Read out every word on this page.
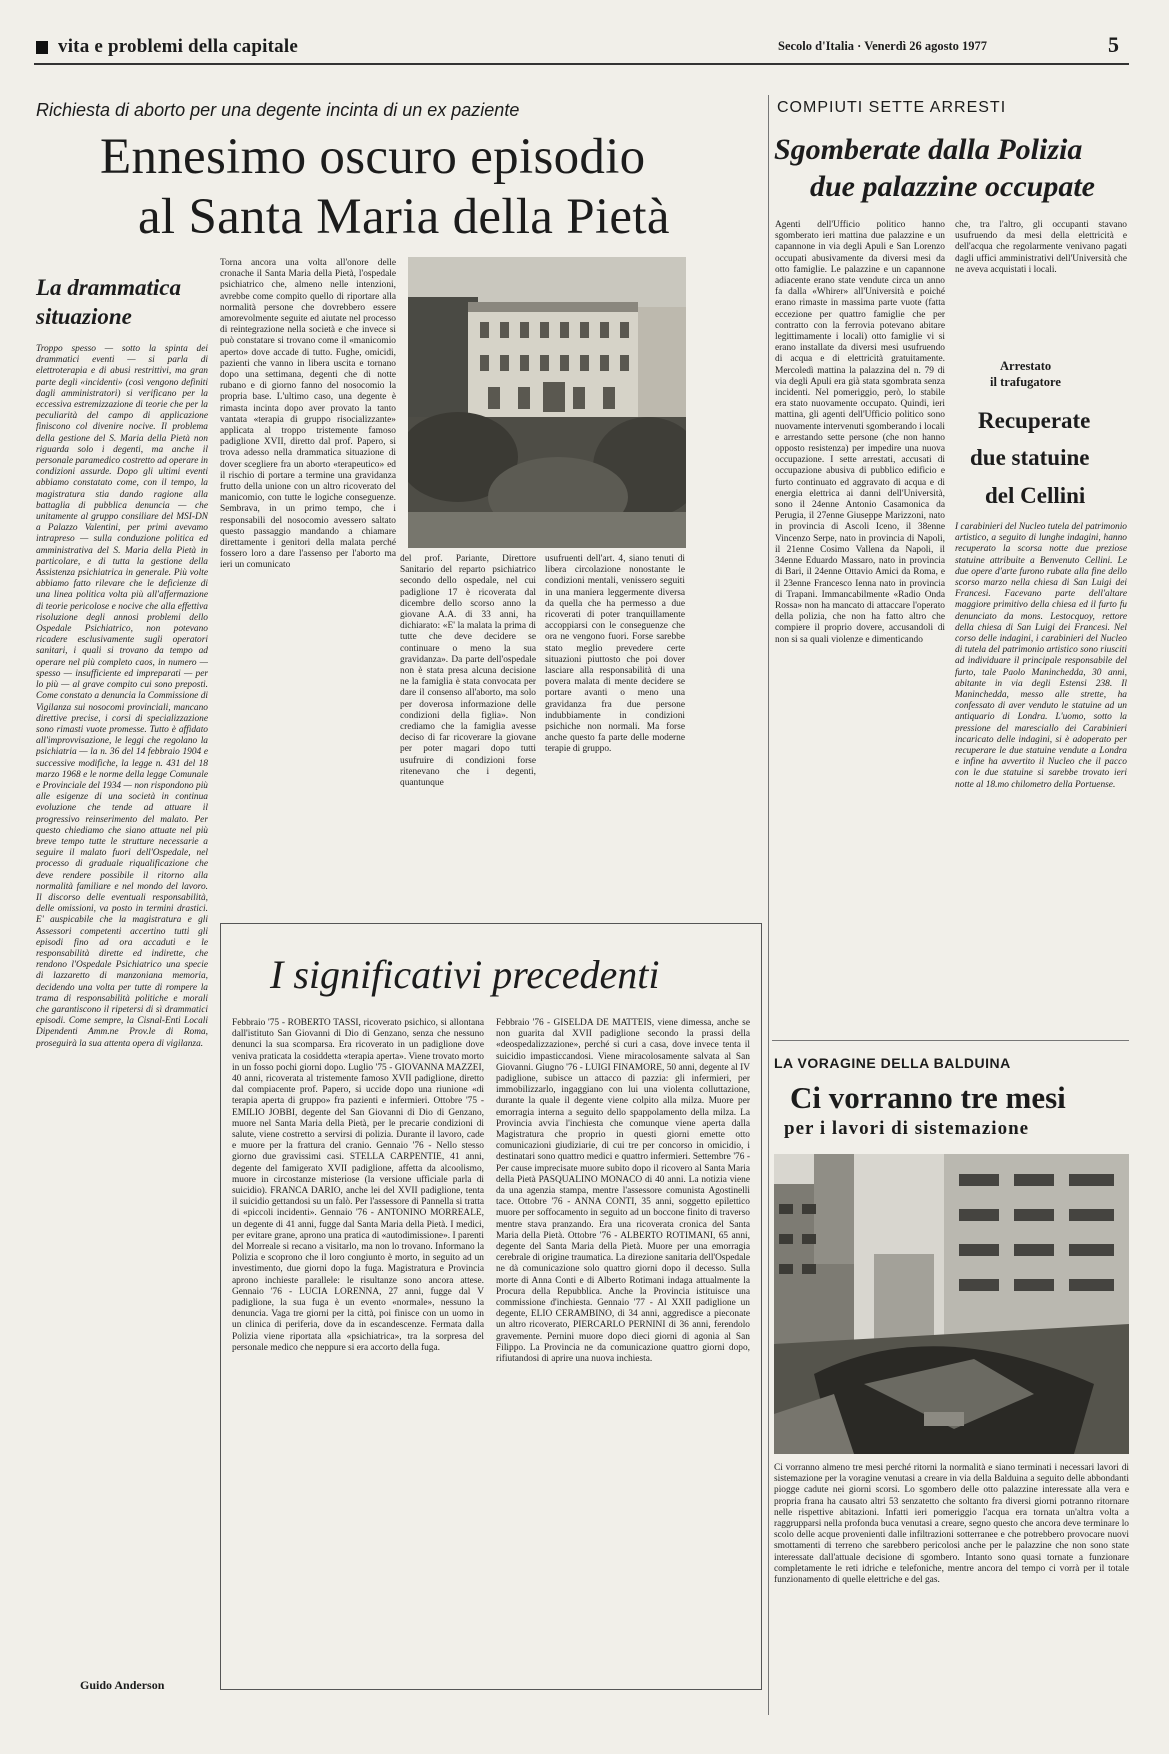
vita e problemi della capitale	Secolo d'Italia · Venerdì 26 agosto 1977	5
Richiesta di aborto per una degente incinta di un ex paziente
Ennesimo oscuro episodio
al Santa Maria della Pietà
La drammatica situazione
Troppo spesso — sotto la spinta dei drammatici eventi — si parla di elettroterapia e di abusi restrittivi, ma gran parte degli «incidenti» (così vengono definiti dagli amministratori) si verificano per la eccessiva estremizzazione di teorie che per la peculiarità del campo di applicazione finiscono col divenire nocive. Il problema della gestione del S. Maria della Pietà non riguarda solo i degenti, ma anche il personale paramedico costretto ad operare in condizioni assurde. Dopo gli ultimi eventi abbiamo constatato come, con il tempo, la magistratura stia dando ragione alla battaglia di pubblica denuncia — che unitamente al gruppo consiliare del MSI-DN a Palazzo Valentini, per primi avevamo intrapreso — sulla conduzione politica ed amministrativa del S. Maria della Pietà in particolare, e di tutta la gestione della Assistenza psichiatrica in generale. Più volte abbiamo fatto rilevare che le deficienze di una linea politica volta più all'affermazione di teorie pericolose e nocive che alla effettiva risoluzione degli annosi problemi dello Ospedale Psichiatrico, non potevano ricadere esclusivamente sugli operatori sanitari, i quali si trovano da tempo ad operare nel più completo caos, in numero — spesso — insufficiente ed impreparati — per lo più — al grave compito cui sono preposti. Come constato a denuncia la Commissione di Vigilanza sui nosocomi provinciali, mancano direttive precise, i corsi di specializzazione sono rimasti vuote promesse. Tutto è affidato all'improvvisazione, le leggi che regolano la psichiatria — la n. 36 del 14 febbraio 1904 e successive modifiche, la legge n. 431 del 18 marzo 1968 e le norme della legge Comunale e Provinciale del 1934 — non rispondono più alle esigenze di una società in continua evoluzione che tende ad attuare il progressivo reinserimento del malato. Per questo chiediamo che siano attuate nel più breve tempo tutte le strutture necessarie a seguire il malato fuori dell'Ospedale, nel processo di graduale riqualificazione che deve rendere possibile il ritorno alla normalità familiare e nel mondo del lavoro. Il discorso delle eventuali responsabilità, delle omissioni, va posto in termini drastici. E' auspicabile che la magistratura e gli Assessori competenti accertino tutti gli episodi fino ad ora accaduti e le responsabilità dirette ed indirette, che rendono l'Ospedale Psichiatrico una specie di lazzaretto di manzoniana memoria, decidendo una volta per tutte di rompere la trama di responsabilità politiche e morali che garantiscono il ripetersi di sì drammatici episodi. Come sempre, la Cisnal-Enti Locali Dipendenti Amm.ne Prov.le di Roma, proseguirà la sua attenta opera di vigilanza.
Guido Anderson
Torna ancora una volta all'onore delle cronache il Santa Maria della Pietà, l'ospedale psichiatrico che, almeno nelle intenzioni, avrebbe come compito quello di riportare alla normalità persone che dovrebbero essere amorevolmente seguite ed aiutate nel processo di reintegrazione nella società e che invece si può constatare si trovano come il «manicomio aperto» dove accade di tutto. Fughe, omicidi, pazienti che vanno in libera uscita e tornano dopo una settimana, degenti che di notte rubano e di giorno fanno del nosocomio la propria base. L'ultimo caso, una degente è rimasta incinta dopo aver provato la tanto vantata «terapia di gruppo risocializzante» applicata al troppo tristemente famoso padiglione XVII, diretto dal prof. Papero, si trova adesso nella drammatica situazione di dover scegliere fra un aborto «terapeutico» ed il rischio di portare a termine una gravidanza frutto della unione con un altro ricoverato del manicomio, con tutte le logiche conseguenze. Sembrava, in un primo tempo, che i responsabili del nosocomio avessero saltato questo passaggio mandando a chiamare direttamente i genitori della malata perché fossero loro a dare l'assenso per l'aborto ma ieri un comunicato
del prof. Pariante, Direttore Sanitario del reparto psichiatrico secondo dello ospedale, nel cui padiglione 17 è ricoverata dal dicembre dello scorso anno la giovane A.A. di 33 anni, ha dichiarato: «E' la malata la prima di tutte che deve decidere se continuare o meno la sua gravidanza». Da parte dell'ospedale non è stata presa alcuna decisione ne la famiglia è stata convocata per dare il consenso all'aborto, ma solo per doverosa informazione delle condizioni della figlia». Non crediamo che la famiglia avesse deciso di far ricoverare la giovane per poter magari dopo tutti usufruire di condizioni forse ritenevano che i degenti, quantunque
usufruenti dell'art. 4, siano tenuti di libera circolazione nonostante le condizioni mentali, venissero seguiti in una maniera leggermente diversa da quella che ha permesso a due ricoverati di poter tranquillamente accoppiarsi con le conseguenze che ora ne vengono fuori. Forse sarebbe stato meglio prevedere certe situazioni piuttosto che poi dover lasciare alla responsabilità di una povera malata di mente decidere se portare avanti o meno una gravidanza fra due persone indubbiamente in condizioni psichiche non normali. Ma forse anche questo fa parte delle moderne terapie di gruppo.
I significativi precedenti
Febbraio '75 - ROBERTO TASSI, ricoverato psichico, si allontana dall'istituto San Giovanni di Dio di Genzano, senza che nessuno denunci la sua scomparsa. Era ricoverato in un padiglione dove veniva praticata la cosiddetta «terapia aperta». Viene trovato morto in un fosso pochi giorni dopo. Luglio '75 - GIOVANNA MAZZEI, 40 anni, ricoverata al tristemente famoso XVII padiglione, diretto dal compiacente prof. Papero, si uccide dopo una riunione «di terapia aperta di gruppo» fra pazienti e infermieri. Ottobre '75 - EMILIO JOBBI, degente del San Giovanni di Dio di Genzano, muore nel Santa Maria della Pietà, per le precarie condizioni di salute, viene costretto a servirsi di polizia. Durante il lavoro, cade e muore per la frattura del cranio. Gennaio '76 - Nello stesso giorno due gravissimi casi. STELLA CARPENTIE, 41 anni, degente del famigerato XVII padiglione, affetta da alcoolismo, muore in circostanze misteriose (la versione ufficiale parla di suicidio). FRANCA DARIO, anche lei del XVII padiglione, tenta il suicidio gettandosi su un falò. Per l'assessore di Pannella si tratta di «piccoli incidenti». Gennaio '76 - ANTONINO MORREALE, un degente di 41 anni, fugge dal Santa Maria della Pietà. I medici, per evitare grane, aprono una pratica di «autodimissione». I parenti del Morreale si recano a visitarlo, ma non lo trovano. Informano la Polizia e scoprono che il loro congiunto è morto, in seguito ad un investimento, due giorni dopo la fuga. Magistratura e Provincia aprono inchieste parallele: le risultanze sono ancora attese. Gennaio '76 - LUCIA LORENNA, 27 anni, fugge dal V padiglione, la sua fuga è un evento «normale», nessuno la denuncia. Vaga tre giorni per la città, poi finisce con un uomo in un clinica di periferia, dove da in escandescenze. Fermata dalla Polizia viene riportata alla «psichiatrica», tra la sorpresa del personale medico che neppure si era accorto della fuga.
Febbraio '76 - GISELDA DE MATTEIS, viene dimessa, anche se non guarita dal XVII padiglione secondo la prassi della «deospedalizzazione», perché si curi a casa, dove invece tenta il suicidio impasticcandosi. Viene miracolosamente salvata al San Giovanni. Giugno '76 - LUIGI FINAMORE, 50 anni, degente al IV padiglione, subisce un attacco di pazzia: gli infermieri, per immobilizzarlo, ingaggiano con lui una violenta colluttazione, durante la quale il degente viene colpito alla milza. Muore per emorragia interna a seguito dello spappolamento della milza. La Provincia avvia l'inchiesta che comunque viene aperta dalla Magistratura che proprio in questi giorni emette otto comunicazioni giudiziarie, di cui tre per concorso in omicidio, i destinatari sono quattro medici e quattro infermieri. Settembre '76 - Per cause imprecisate muore subito dopo il ricovero al Santa Maria della Pietà PASQUALINO MONACO di 40 anni. La notizia viene da una agenzia stampa, mentre l'assessore comunista Agostinelli tace. Ottobre '76 - ANNA CONTI, 35 anni, soggetto epilettico muore per soffocamento in seguito ad un boccone finito di traverso mentre stava pranzando. Era una ricoverata cronica del Santa Maria della Pietà. Ottobre '76 - ALBERTO ROTIMANI, 65 anni, degente del Santa Maria della Pietà. Muore per una emorragia cerebrale di origine traumatica. La direzione sanitaria dell'Ospedale ne dà comunicazione solo quattro giorni dopo il decesso. Sulla morte di Anna Conti e di Alberto Rotimani indaga attualmente la Procura della Repubblica. Anche la Provincia istituisce una commissione d'inchiesta. Gennaio '77 - Al XXII padiglione un degente, ELIO CERAMBINO, di 34 anni, aggredisce a pieconate un altro ricoverato, PIERCARLO PERNINI di 36 anni, ferendolo gravemente. Pernini muore dopo dieci giorni di agonia al San Filippo. La Provincia ne da comunicazione quattro giorni dopo, rifiutandosi di aprire una nuova inchiesta.
COMPIUTI SETTE ARRESTI
Sgomberate dalla Polizia
due palazzine occupate
Agenti dell'Ufficio politico hanno sgomberato ieri mattina due palazzine e un capannone in via degli Apuli e San Lorenzo occupati abusivamente da diversi mesi da otto famiglie. Le palazzine e un capannone adiacente erano state vendute circa un anno fa dalla «Whirer» all'Università e poiché erano rimaste in massima parte vuote (fatta eccezione per quattro famiglie che per contratto con la ferrovia potevano abitare legittimamente i locali) otto famiglie vi si erano installate da diversi mesi usufruendo di acqua e di elettricità gratuitamente. Mercoledì mattina la palazzina del n. 79 di via degli Apuli era già stata sgombrata senza incidenti. Nel pomeriggio, però, lo stabile era stato nuovamente occupato. Quindi, ieri mattina, gli agenti dell'Ufficio politico sono nuovamente intervenuti sgomberando i locali e arrestando sette persone (che non hanno opposto resistenza) per impedire una nuova occupazione. I sette arrestati, accusati di occupazione abusiva di pubblico edificio e furto continuato ed aggravato di acqua e di energia elettrica ai danni dell'Università, sono il 24enne Antonio Casamonica da Perugia, il 27enne Giuseppe Marizzoni, nato in provincia di Ascoli Iceno, il 38enne Vincenzo Serpe, nato in provincia di Napoli, il 21enne Cosimo Vallena da Napoli, il 34enne Eduardo Massaro, nato in provincia di Bari, il 24enne Ottavio Amici da Roma, e il 23enne Francesco Ienna nato in provincia di Trapani. Immancabilmente «Radio Onda Rossa» non ha mancato di attaccare l'operato della polizia, che non ha fatto altro che compiere il proprio dovere, accusandoli di non si sa quali violenze e dimenticando
che, tra l'altro, gli occupanti stavano usufruendo da mesi della elettricità e dell'acqua che regolarmente venivano pagati dagli uffici amministrativi dell'Università che ne aveva acquistati i locali.
Arrestato
il trafugatore
Recuperate
due statuine
del Cellini
I carabinieri del Nucleo tutela del patrimonio artistico, a seguito di lunghe indagini, hanno recuperato la scorsa notte due preziose statuine attribuite a Benvenuto Cellini. Le due opere d'arte furono rubate alla fine dello scorso marzo nella chiesa di San Luigi dei Francesi. Facevano parte dell'altare maggiore primitivo della chiesa ed il furto fu denunciato da mons. Lestocquoy, rettore della chiesa di San Luigi dei Francesi. Nel corso delle indagini, i carabinieri del Nucleo di tutela del patrimonio artistico sono riusciti ad individuare il principale responsabile del furto, tale Paolo Maninchedda, 30 anni, abitante in via degli Estensi 238. Il Maninchedda, messo alle strette, ha confessato di aver venduto le statuine ad un antiquario di Londra. L'uomo, sotto la pressione del maresciallo dei Carabinieri incaricato delle indagini, si è adoperato per recuperare le due statuine vendute a Londra e infine ha avvertito il Nucleo che il pacco con le due statuine si sarebbe trovato ieri notte al 18.mo chilometro della Portuense.
LA VORAGINE DELLA BALDUINA
Ci vorranno tre mesi
per i lavori di sistemazione
Ci vorranno almeno tre mesi perché ritorni la normalità e siano terminati i necessari lavori di sistemazione per la voragine venutasi a creare in via della Balduina a seguito delle abbondanti piogge cadute nei giorni scorsi. Lo sgombero delle otto palazzine interessate alla vera e propria frana ha causato altri 53 senzatetto che soltanto fra diversi giorni potranno ritornare nelle rispettive abitazioni. Infatti ieri pomeriggio l'acqua era tornata un'altra volta a raggrupparsi nella profonda buca venutasi a creare, segno questo che ancora deve terminare lo scolo delle acque provenienti dalle infiltrazioni sotterranee e che potrebbero provocare nuovi smottamenti di terreno che sarebbero pericolosi anche per le palazzine che non sono state interessate dall'attuale decisione di sgombero. Intanto sono quasi tornate a funzionare completamente le reti idriche e telefoniche, mentre ancora del tempo ci vorrà per il totale funzionamento di quelle elettriche e del gas.
